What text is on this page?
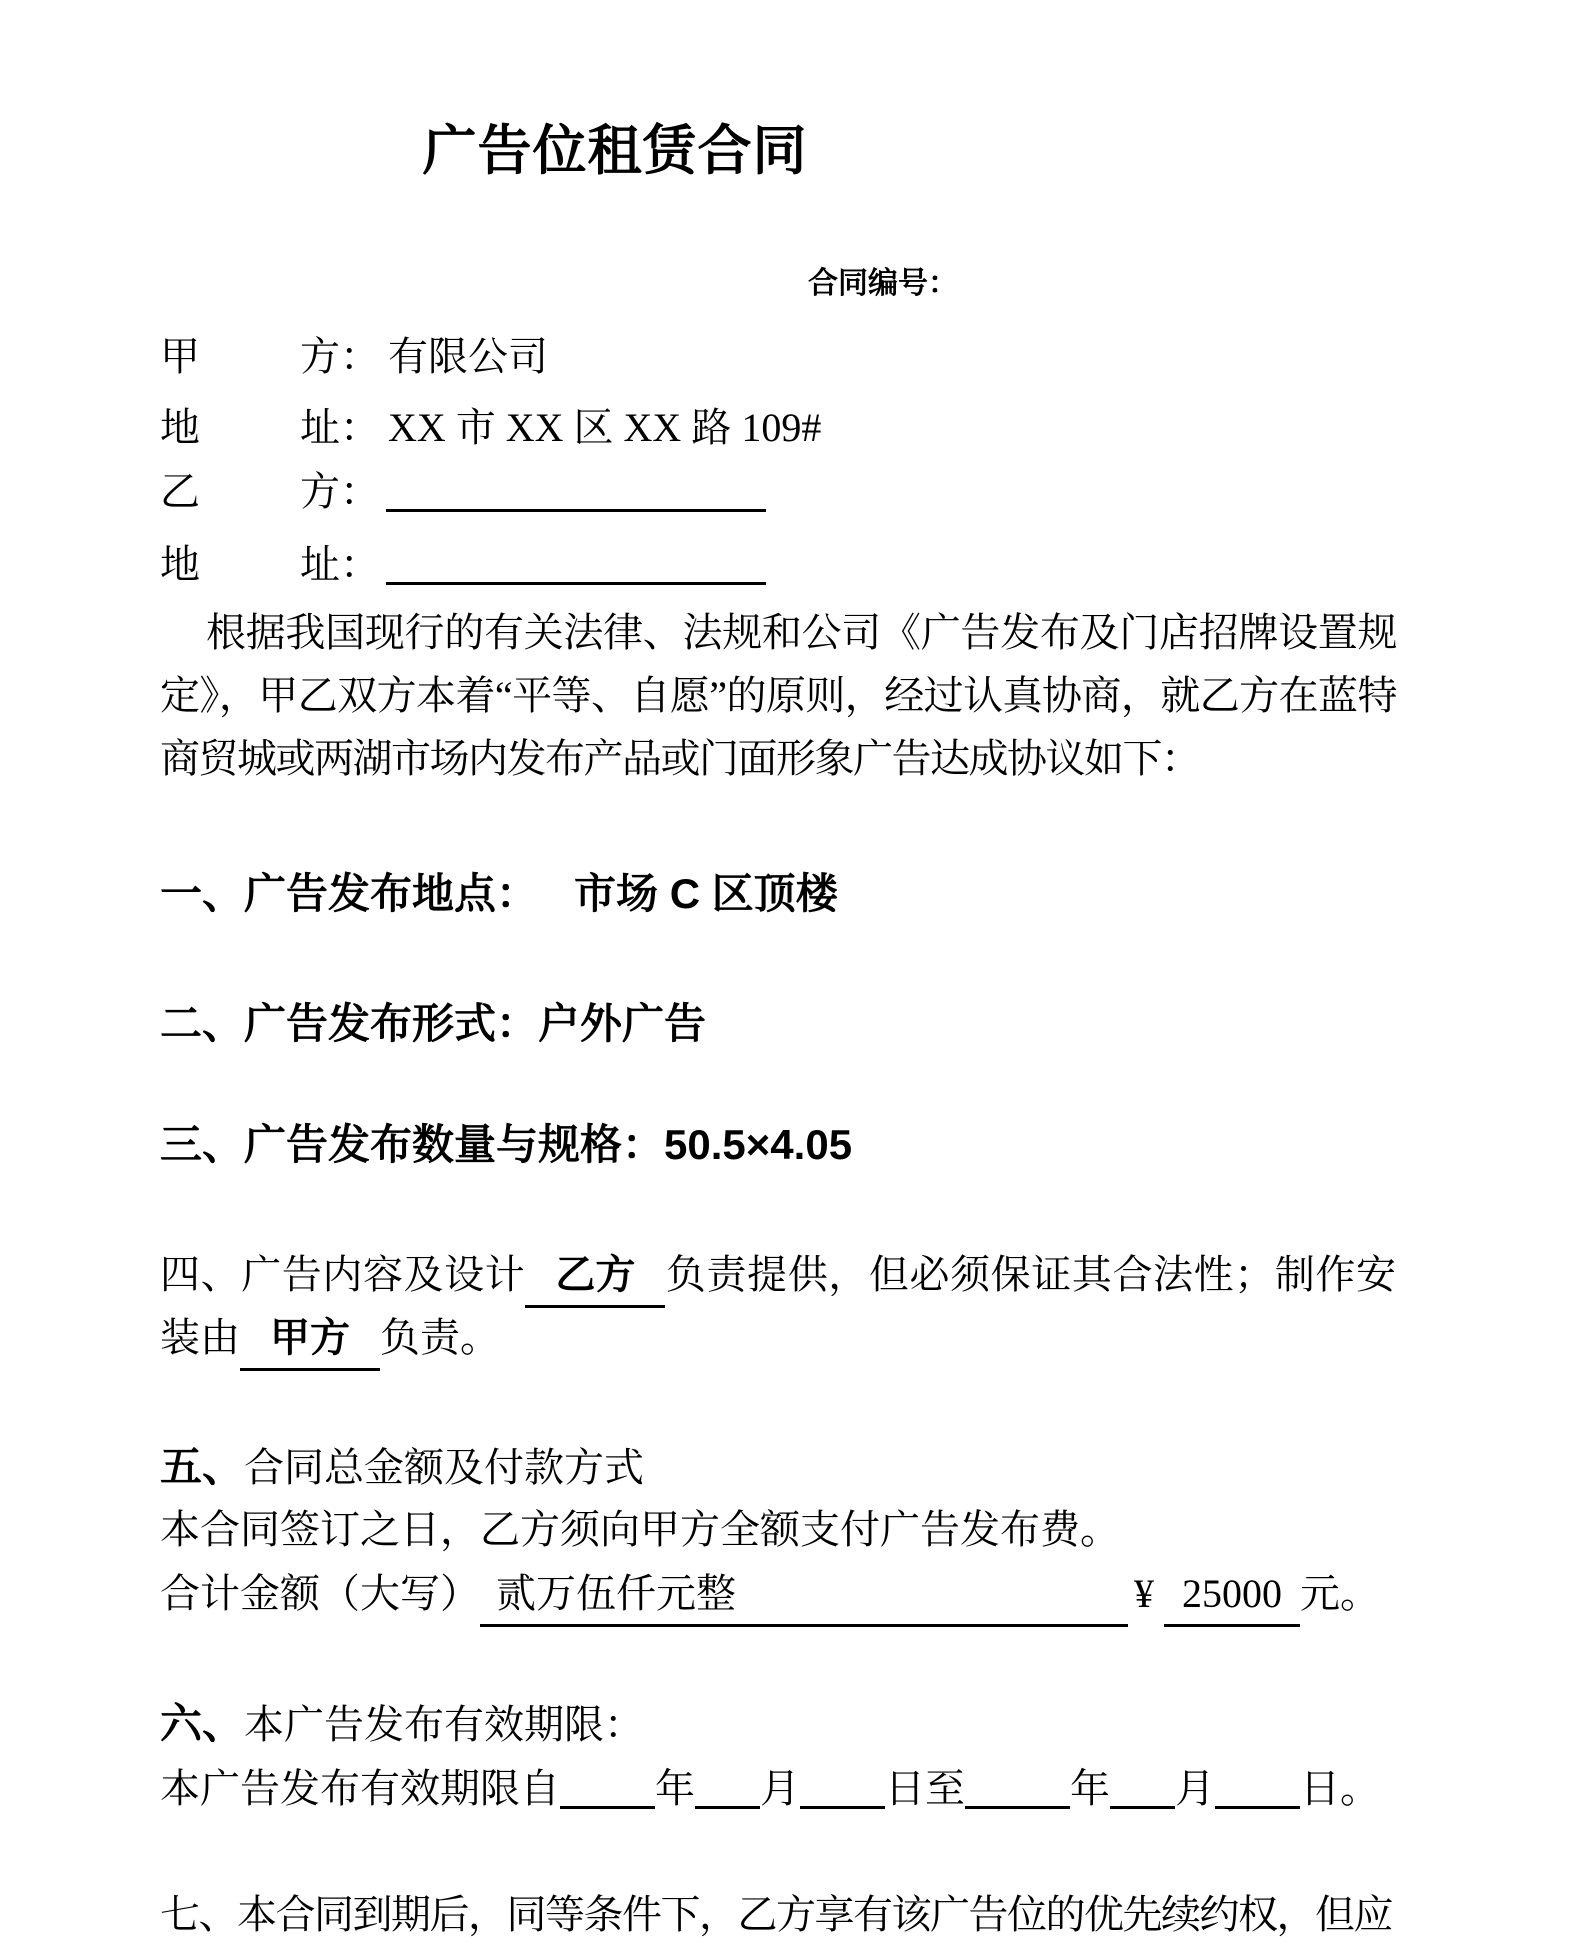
广告位租赁合同
合同编号：
甲	方： 有限公司
地	址： XX 市 XX 区 XX 路 109#
乙	方：
地	址：
根据我国现行的有关法律、法规和公司《广告发布及门店招牌设置规定》，甲乙双方本着“平等、自愿”的原则，经过认真协商，就乙方在蓝特商贸城或两湖市场内发布产品或门面形象广告达成协议如下：
一、广告发布地点： 市场 C 区顶楼
二、广告发布形式：户外广告
三、广告发布数量与规格：50.5×4.05
四、广告内容及设计 乙方 负责提供，但必须保证其合法性；制作安装由 甲方 负责。
五、合同总金额及付款方式
本合同签订之日，乙方须向甲方全额支付广告发布费。
合计金额（大写） 贰万伍仟元整	¥ 25000 元。
六、本广告发布有效期限：
本广告发布有效期限自 年 月 日至	年 月 日。
七、本合同到期后，同等条件下，乙方享有该广告位的优先续约权，但应
